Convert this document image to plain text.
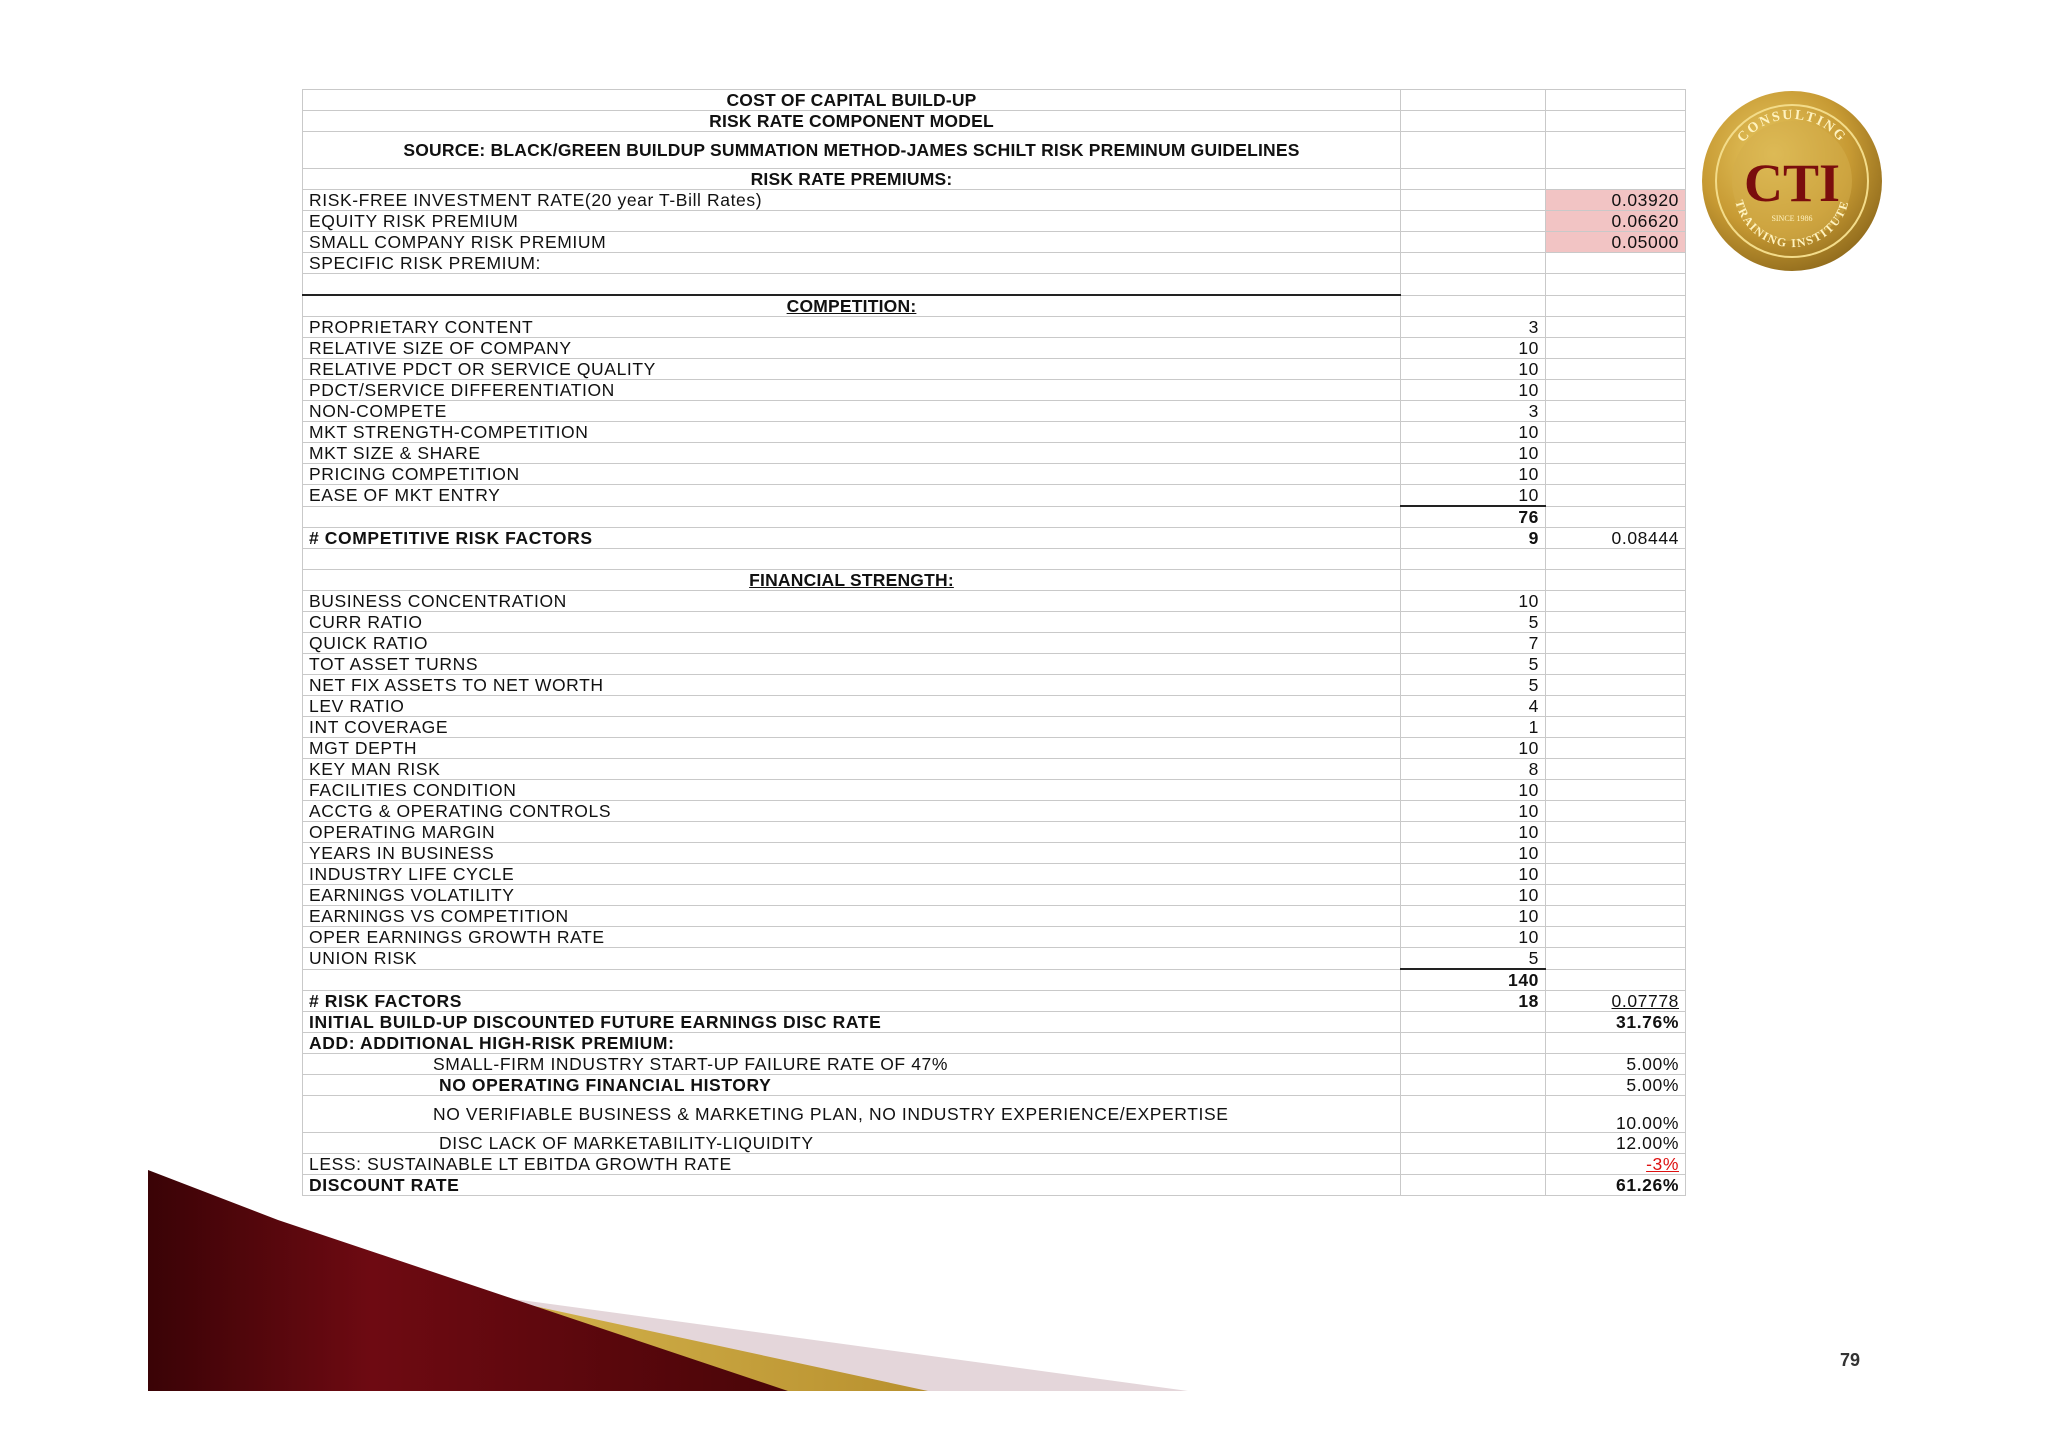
COST OF CAPITAL BUILD-UP		
RISK RATE COMPONENT MODEL		
SOURCE: BLACK/GREEN BUILDUP SUMMATION METHOD-JAMES SCHILT RISK PREMINUM GUIDELINES		
RISK RATE PREMIUMS:		
RISK-FREE INVESTMENT RATE(20 year T-Bill Rates)		0.03920
EQUITY RISK PREMIUM		0.06620
SMALL COMPANY RISK PREMIUM		0.05000
SPECIFIC RISK PREMIUM:		

COMPETITION:		
PROPRIETARY CONTENT	3	
RELATIVE SIZE OF COMPANY	10	
RELATIVE PDCT OR SERVICE QUALITY	10	
PDCT/SERVICE DIFFERENTIATION	10	
NON-COMPETE	3	
MKT STRENGTH-COMPETITION	10	
MKT SIZE & SHARE	10	
PRICING COMPETITION	10	
EASE OF MKT ENTRY	10	
	76	
# COMPETITIVE RISK FACTORS	9	0.08444

FINANCIAL STRENGTH:		
BUSINESS CONCENTRATION	10	
CURR RATIO	5	
QUICK RATIO	7	
TOT ASSET TURNS	5	
NET FIX ASSETS TO NET WORTH	5	
LEV RATIO	4	
INT COVERAGE	1	
MGT DEPTH	10	
KEY MAN RISK	8	
FACILITIES CONDITION	10	
ACCTG & OPERATING CONTROLS	10	
OPERATING MARGIN	10	
YEARS IN BUSINESS	10	
INDUSTRY LIFE CYCLE	10	
EARNINGS VOLATILITY	10	
EARNINGS VS COMPETITION	10	
OPER EARNINGS GROWTH RATE	10	
UNION RISK	5	
	140	
# RISK FACTORS	18	0.07778
INITIAL BUILD-UP DISCOUNTED FUTURE EARNINGS DISC RATE		31.76%
ADD: ADDITIONAL HIGH-RISK PREMIUM:		
SMALL-FIRM INDUSTRY START-UP FAILURE RATE OF 47%		5.00%
NO OPERATING FINANCIAL HISTORY		5.00%
NO VERIFIABLE BUSINESS & MARKETING PLAN, NO INDUSTRY EXPERIENCE/EXPERTISE		10.00%
DISC LACK OF MARKETABILITY-LIQUIDITY		12.00%
LESS: SUSTAINABLE LT EBITDA GROWTH RATE		-3%
DISCOUNT RATE		61.26%
CTI
CONSULTING
TRAINING INSTITUTE
SINCE 1986
79
